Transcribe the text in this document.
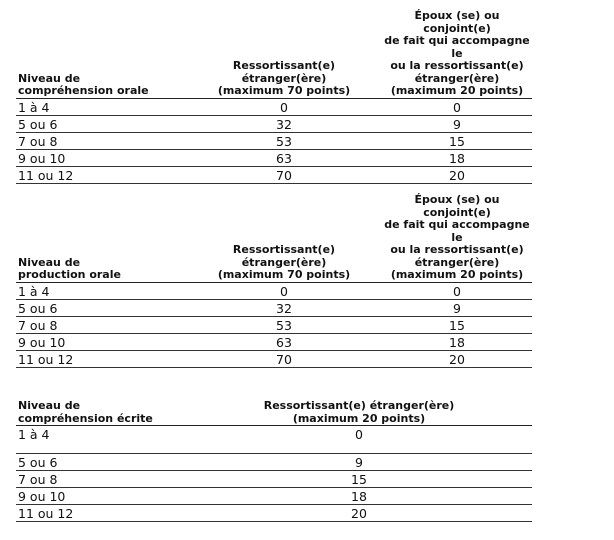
Niveau de
compréhension orale	Ressortissant(e)
étranger(ère)
(maximum 70 points)	Époux (se) ou conjoint(e)
de fait qui accompagne le
ou la ressortissant(e)
étranger(ère)
(maximum 20 points)
1 à 4	0	0
5 ou 6	32	9
7 ou 8	53	15
9 ou 10	63	18
11 ou 12	70	20
Niveau de
production orale	Ressortissant(e)
étranger(ère)
(maximum 70 points)	Époux (se) ou conjoint(e)
de fait qui accompagne le
ou la ressortissant(e)
étranger(ère)
(maximum 20 points)
1 à 4	0	0
5 ou 6	32	9
7 ou 8	53	15
9 ou 10	63	18
11 ou 12	70	20
Niveau de
compréhension écrite	Ressortissant(e) étranger(ère)
(maximum 20 points)
1 à 4	0
5 ou 6	9
7 ou 8	15
9 ou 10	18
11 ou 12	20
